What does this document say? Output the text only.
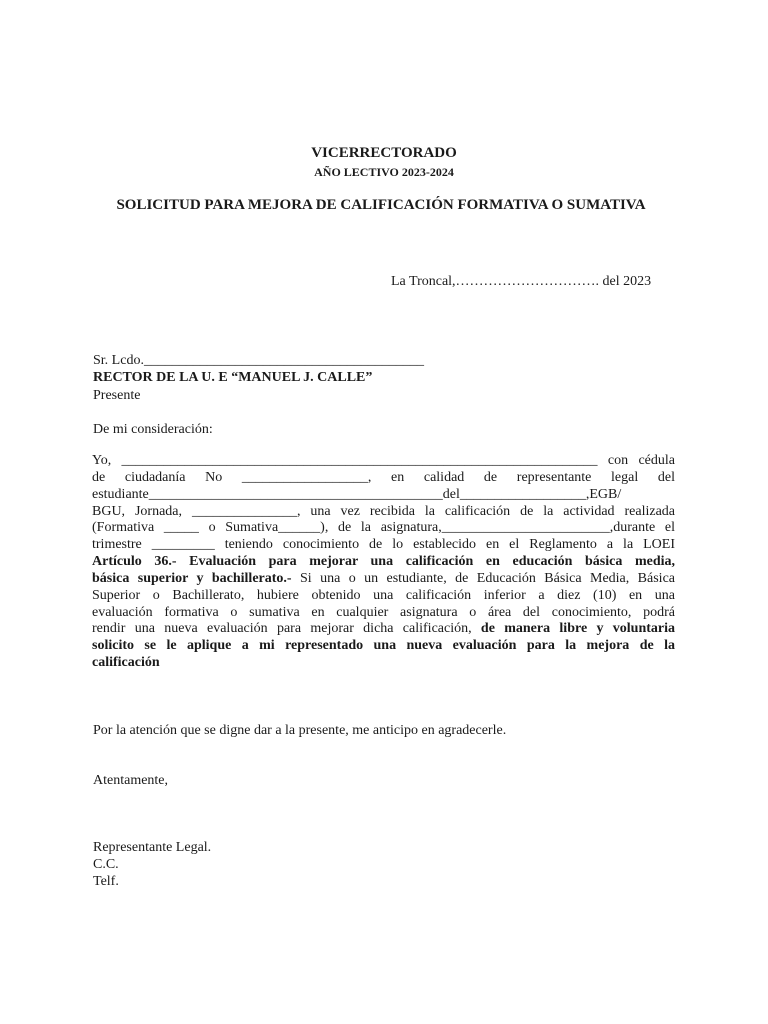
VICERRECTORADO
AÑO LECTIVO 2023-2024
SOLICITUD PARA MEJORA DE CALIFICACIÓN FORMATIVA O SUMATIVA
La Troncal,…………………………. del 2023
Sr. Lcdo.________________________________________
RECTOR DE LA U. E “MANUEL J. CALLE”
Presente
De mi consideración:
Yo, ____________________________________________________________________ con cédula
de ciudadanía No __________________, en calidad de representante legal del
estudiante__________________________________________del__________________,EGB/
BGU, Jornada, _______________, una vez recibida la calificación de la actividad realizada
(Formativa _____ o Sumativa______), de la asignatura,________________________,durante el
trimestre _________ teniendo conocimiento de lo establecido en el Reglamento a la LOEI
Artículo 36.- Evaluación para mejorar una calificación en educación básica media,
básica superior y bachillerato.- Si una o un estudiante, de Educación Básica Media, Básica
Superior o Bachillerato, hubiere obtenido una calificación inferior a diez (10) en una
evaluación formativa o sumativa en cualquier asignatura o área del conocimiento, podrá
rendir una nueva evaluación para mejorar dicha calificación, de manera libre y voluntaria
solicito se le aplique a mi representado una nueva evaluación para la mejora de la
calificación
Por la atención que se digne dar a la presente, me anticipo en agradecerle.
Atentamente,
Representante Legal.
C.C.
Telf.
